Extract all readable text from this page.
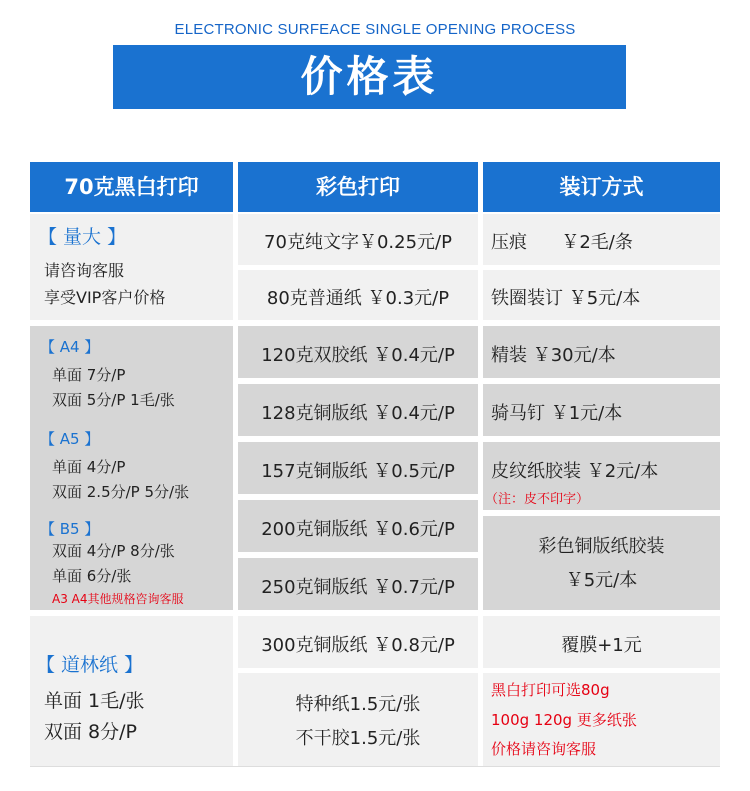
ELECTRONIC SURFEACE SINGLE OPENING PROCESS
价格表
70克黑白打印	彩色打印	装订方式
【 量大 】
请咨询客服
享受VIP客户价格
【 A4 】
单面 7分/P
双面 5分/P 1毛/张
【 A5 】
单面 4分/P
双面 2.5分/P 5分/张
【 B5 】
双面 4分/P 8分/张
单面 6分/张
A3 A4其他规格咨询客服
【 道林纸 】
单面 1毛/张
双面 8分/P
70克纯文字￥0.25元/P
80克普通纸 ￥0.3元/P
120克双胶纸 ￥0.4元/P
128克铜版纸 ￥0.4元/P
157克铜版纸 ￥0.5元/P
200克铜版纸 ￥0.6元/P
250克铜版纸 ￥0.7元/P
300克铜版纸 ￥0.8元/P
特种纸1.5元/张
不干胶1.5元/张
压痕      ￥2毛/条
铁圈装订 ￥5元/本
精装 ￥30元/本
骑马钉 ￥1元/本
皮纹纸胶装 ￥2元/本
（注：皮不印字）
彩色铜版纸胶装
￥5元/本
覆膜+1元
黑白打印可选80g
100g 120g 更多纸张
价格请咨询客服
